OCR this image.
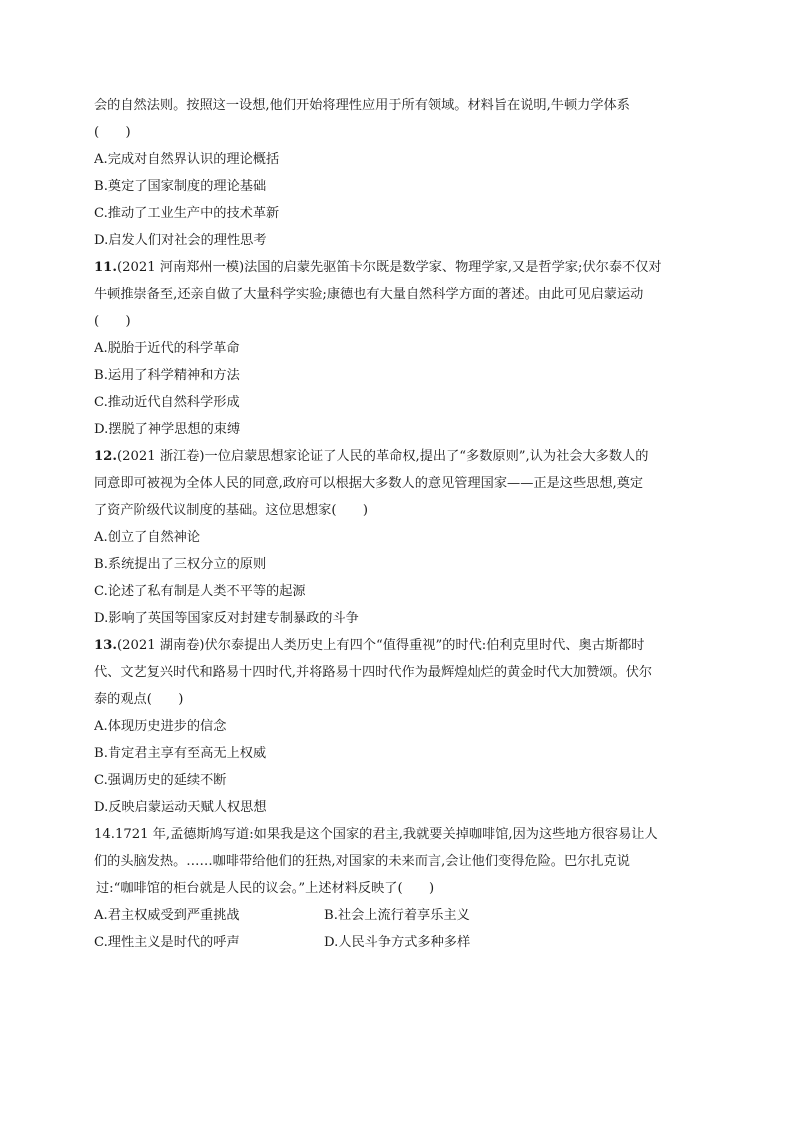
会的自然法则。按照这一设想,他们开始将理性应用于所有领域。材料旨在说明,牛顿力学体系
(　　)
A.完成对自然界认识的理论概括
B.奠定了国家制度的理论基础
C.推动了工业生产中的技术革新
D.启发人们对社会的理性思考
11.(2021 河南郑州一模)法国的启蒙先驱笛卡尔既是数学家、物理学家,又是哲学家;伏尔泰不仅对
牛顿推崇备至,还亲自做了大量科学实验;康德也有大量自然科学方面的著述。由此可见启蒙运动
(　　)
A.脱胎于近代的科学革命
B.运用了科学精神和方法
C.推动近代自然科学形成
D.摆脱了神学思想的束缚
12.(2021 浙江卷)一位启蒙思想家论证了人民的革命权,提出了“多数原则”,认为社会大多数人的
同意即可被视为全体人民的同意,政府可以根据大多数人的意见管理国家——正是这些思想,奠定
了资产阶级代议制度的基础。这位思想家(　　)
A.创立了自然神论
B.系统提出了三权分立的原则
C.论述了私有制是人类不平等的起源
D.影响了英国等国家反对封建专制暴政的斗争
13.(2021 湖南卷)伏尔泰提出人类历史上有四个“值得重视”的时代:伯利克里时代、奥古斯都时
代、文艺复兴时代和路易十四时代,并将路易十四时代作为最辉煌灿烂的黄金时代大加赞颂。伏尔
泰的观点(　　)
A.体现历史进步的信念
B.肯定君主享有至高无上权威
C.强调历史的延续不断
D.反映启蒙运动天赋人权思想
14.1721 年,孟德斯鸠写道:如果我是这个国家的君主,我就要关掉咖啡馆,因为这些地方很容易让人
们的头脑发热。……咖啡带给他们的狂热,对国家的未来而言,会让他们变得危险。巴尔扎克说
过:“咖啡馆的柜台就是人民的议会。”上述材料反映了(　　)
A.君主权威受到严重挑战	B.社会上流行着享乐主义
C.理性主义是时代的呼声	D.人民斗争方式多种多样
